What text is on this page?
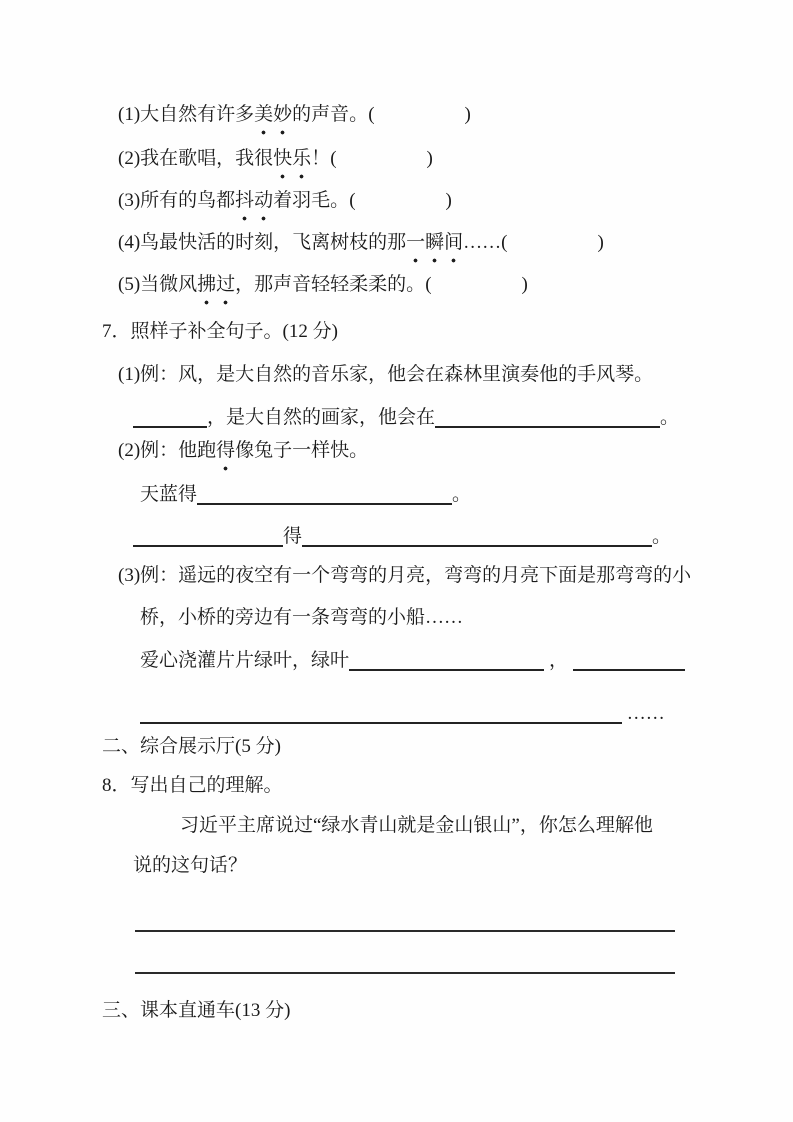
(1)大自然有许多美妙的声音。(	)
(2)我在歌唱，我很快乐！(	)
(3)所有的鸟都抖动着羽毛。(	)
(4)鸟最快活的时刻，飞离树枝的那一瞬间……(	)
(5)当微风拂过，那声音轻轻柔柔的。(	)
7．照样子补全句子。(12 分)
(1)例：风，是大自然的音乐家，他会在森林里演奏他的手风琴。
，是大自然的画家，他会在	。
(2)例：他跑得像兔子一样快。
天蓝得	。
得	。
(3)例：遥远的夜空有一个弯弯的月亮，弯弯的月亮下面是那弯弯的小
桥，小桥的旁边有一条弯弯的小船……
爱心浇灌片片绿叶，绿叶	，
……
二、综合展示厅(5 分)
8．写出自己的理解。
习近平主席说过“绿水青山就是金山银山”，你怎么理解他
说的这句话？
三、课本直通车(13 分)
